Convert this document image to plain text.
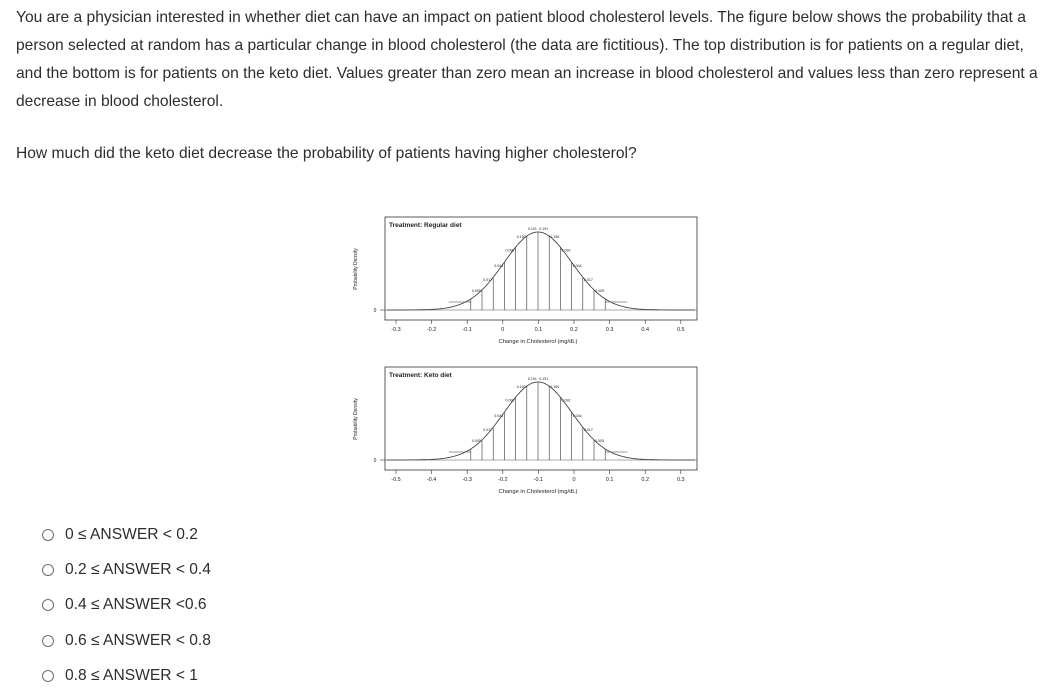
You are a physician interested in whether diet can have an impact on patient blood cholesterol levels. The figure below shows the probability that a person selected at random has a particular change in blood cholesterol (the data are fictitious). The top distribution is for patients on a regular diet, and the bottom is for patients on the keto diet. Values greater than zero mean an increase in blood cholesterol and values less than zero represent a decrease in blood cholesterol.

How much did the keto diet decrease the probability of patients having higher cholesterol?

Treatment: Regular diet
Probability Density
0
0.005
0.017
0.044
0.092
0.150
0.191 0.191
0.150
0.092
0.044
0.017
0.005
-0.3	-0.2	-0.1	0	0.1	0.2	0.3	0.4	0.5
Change in Cholesterol (mg/dL)
Treatment: Keto diet
Probability Density
0
0.005
0.017
0.044
0.092
0.150
0.191 0.191
0.150
0.092
0.044
0.017
0.005
-0.5	-0.4	-0.3	-0.2	-0.1	0	0.1	0.2	0.3
Change in Cholesterol (mg/dL)
0 ≤ ANSWER < 0.2
0.2 ≤ ANSWER < 0.4
0.4 ≤ ANSWER <0.6
0.6 ≤ ANSWER < 0.8
0.8 ≤ ANSWER < 1
